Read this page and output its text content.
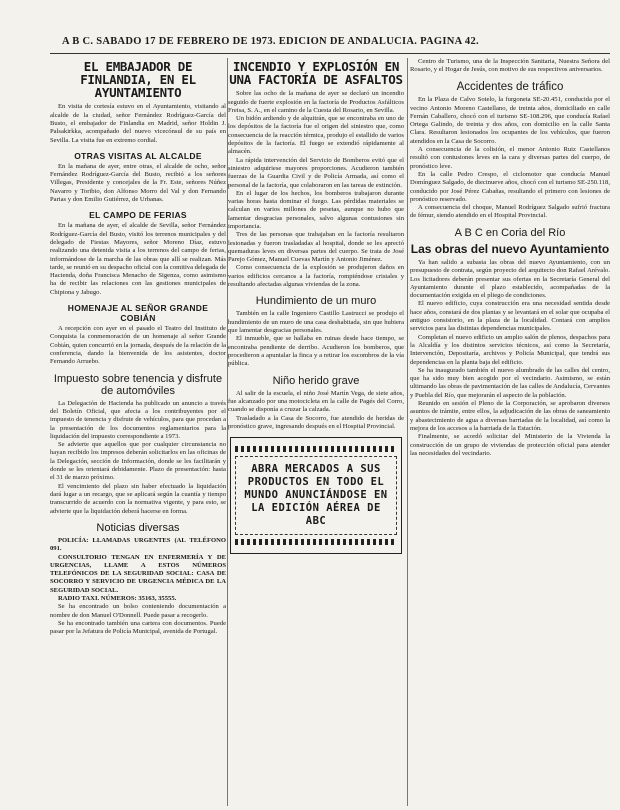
A B C. SABADO 17 DE FEBRERO DE 1973. EDICION DE ANDALUCIA. PAGINA 42.
EL EMBAJADOR DE FINLANDIA, EN EL AYUNTAMIENTO

En visita de cortesía estuvo en el Ayuntamiento, visitando al alcalde de la ciudad, señor Fernández Rodríguez-García del Busto, el embajador de Finlandia en Madrid, señor Holdin J. Palsakirkka, acompañado del nuevo vicecónsul de su país en Sevilla. La visita fue en extremo cordial.

OTRAS VISITAS AL ALCALDE

En la mañana de ayer, entre otras, el alcalde de ocho, señor Fernández Rodríguez-García del Busto, recibió a los señores Villegas, Presidente y concejales de la Fr. Este, señores Núñez Navarro y Toribio, don Alfonso Morro del Val y don Fernando Parias y don Emilio Gutiérrez, de Urbanas.

EL CAMPO DE FERIAS

En la mañana de ayer, el alcalde de Sevilla, señor Fernández Rodríguez-García del Busto, visitó los terrenos municipales y del delegado de Fiestas Mayores, señor Moreno Díaz, estuvo realizando una detenida visita a los terrenos del campo de ferias, informándose de la marcha de las obras que allí se realizan. Más tarde, se reunió en su despacho oficial con la comitiva delegada de Hacienda, doña Francisca Menacho de Sigenza, como asimismo ha de recibir las relaciones con las gestiones municipales de Chipiona y Jabugo.

HOMENAJE AL SEÑOR GRANDE COBIÁN

A recepción con ayer en el pasado el Teatro del Instituto de Conquista la conmemoración de un homenaje al señor Grande Cobián, quien concurrió en la jornada, después de la relación de la conferencia, dando la bienvenida de los asistentes, doctor Fernando Arruebo.

Impuesto sobre tenencia y disfrute de automóviles

La Delegación de Hacienda ha publicado un anuncio a través del Boletín Oficial, que afecta a los contribuyentes por el impuesto de tenencia y disfrute de vehículos, para que procedan a la presentación de los documentos reglamentarios para la liquidación del impuesto correspondiente a 1973.

Se advierte que aquellos que por cualquier circunstancia no hayan recibido los impresos deberán solicitarlos en las oficinas de la Delegación, sección de Información, donde se les facilitarán y donde se les orientará debidamente. Plazo de presentación: hasta el 31 de marzo próximo.

El vencimiento del plazo sin haber efectuado la liquidación dará lugar a un recargo, que se aplicará según la cuantía y tiempo transcurrido de acuerdo con la normativa vigente, y para esto, se advierte que la liquidación deberá hacerse en forma.

Noticias diversas

POLICÍA: LLAMADAS URGENTES (AL TELÉFONO 091.

CONSULTORIO TENGAN EN ENFERMERÍA Y DE URGENCIAS, LLAME A ESTOS NÚMEROS TELEFÓNICOS DE LA SEGURIDAD SOCIAL: CASA DE SOCORRO Y SERVICIO DE URGENCIA MÉDICA DE LA SEGURIDAD SOCIAL.

RADIO TAXI. NÚMEROS: 35163, 35555.

Se ha encontrado un bolso conteniendo documentación a nombre de don Manuel O'Donnell. Puede pasar a recogerlo.

Se ha encontrado también una cartera con documentos. Puede pasar por la Jefatura de Policía Municipal, avenida de Portugal.

INCENDIO Y EXPLOSIÓN EN UNA FACTORÍA DE ASFALTOS

Sobre las ocho de la mañana de ayer se declaró un incendio seguido de fuerte explosión en la factoría de Productos Asfálticos Freisa, S. A., en el camino de la Cuesta del Rosario, en Sevilla.

Un bidón ardiendo y de alquitrán, que se encontraba en uno de los depósitos de la factoría fue el origen del siniestro que, como consecuencia de la reacción térmica, produjo el estallido de varios depósitos de la factoría. El fuego se extendió rápidamente al almacén.

La rápida intervención del Servicio de Bomberos evitó que el siniestro adquiriese mayores proporciones. Acudieron también fuerzas de la Guardia Civil y de Policía Armada, así como el personal de la factoría, que colaboraron en las tareas de extinción.

En el lugar de los hechos, los bomberos trabajaron durante varias horas hasta dominar el fuego. Las pérdidas materiales se calculan en varios millones de pesetas, aunque no hubo que lamentar desgracias personales, salvo algunas contusiones sin importancia.

Tres de las personas que trabajaban en la factoría resultaron lesionadas y fueron trasladadas al hospital, donde se les apreció quemaduras leves en diversas partes del cuerpo. Se trata de José Parejo Gómez, Manuel Cuevas Martín y Antonio Jiménez.

Como consecuencia de la explosión se produjeron daños en varios edificios cercanos a la factoría, rompiéndose cristales y resultando afectadas algunas viviendas de la zona.

Hundimiento de un muro

También en la calle Ingeniero Castillo Lastrucci se produjo el hundimiento de un muro de una casa deshabitada, sin que hubiera que lamentar desgracias personales.

El inmueble, que se hallaba en ruinas desde hace tiempo, se encontraba pendiente de derribo. Acudieron los bomberos, que procedieron a apuntalar la finca y a retirar los escombros de la vía pública.

Niño herido grave

Al salir de la escuela, el niño José Martín Vega, de siete años, fue alcanzado por una motocicleta en la calle de Pagés del Corro, cuando se disponía a cruzar la calzada.

Trasladado a la Casa de Socorro, fue atendido de heridas de pronóstico grave, ingresando después en el Hospital Provincial.

ABRA MERCADOS A SUS PRODUCTOS EN TODO EL MUNDO ANUNCIÁNDOSE EN LA EDICIÓN AÉREA DE ABC

Centro de Turismo, una de la Inspección Sanitaria, Nuestra Señora del Rosario, y el Hogar de Jesús, con motivo de sus respectivos aniversarios.

Accidentes de tráfico

En la Plaza de Calvo Sotelo, la furgoneta SE-20.451, conducida por el vecino Antonio Moreno Castellano, de treinta años, domiciliado en calle Fernán Caballero, chocó con el turismo SE-108.296, que conducía Rafael Ortega Galindo, de treinta y dos años, con domicilio en la calle Santa Clara. Resultaron lesionados los ocupantes de los vehículos, que fueron atendidos en la Casa de Socorro.

A consecuencia de la colisión, el menor Antonio Ruiz Castellanos resultó con contusiones leves en la cara y diversas partes del cuerpo, de pronóstico leve.

En la calle Pedro Crespo, el ciclomotor que conducía Manuel Domínguez Salgado, de diecinueve años, chocó con el turismo SE-250.118, conducido por José Pérez Cabañas, resultando el primero con lesiones de pronóstico reservado.

A consecuencia del choque, Manuel Rodríguez Salgado sufrió fractura de fémur, siendo atendido en el Hospital Provincial.

A B C en Coria del Río
Las obras del nuevo Ayuntamiento

Ya han salido a subasta las obras del nuevo Ayuntamiento, con un presupuesto de contrata, según proyecto del arquitecto don Rafael Arévalo. Los licitadores deberán presentar sus ofertas en la Secretaría General del Ayuntamiento durante el plazo establecido, acompañadas de la documentación exigida en el pliego de condiciones.

El nuevo edificio, cuya construcción era una necesidad sentida desde hace años, constará de dos plantas y se levantará en el solar que ocupaba el antiguo consistorio, en la plaza de la localidad. Contará con amplios servicios para las distintas dependencias municipales.

Completan el nuevo edificio un amplio salón de plenos, despachos para la Alcaldía y los distintos servicios técnicos, así como la Secretaría, Intervención, Depositaría, archivos y Policía Municipal, que tendrá sus dependencias en la planta baja del edificio.

Se ha inaugurado también el nuevo alumbrado de las calles del centro, que ha sido muy bien acogido por el vecindario. Asimismo, se están ultimando las obras de pavimentación de las calles de Andalucía, Cervantes y Puebla del Río, que mejorarán el aspecto de la población.

Reunido en sesión el Pleno de la Corporación, se aprobaron diversos asuntos de trámite, entre ellos, la adjudicación de las obras de saneamiento y abastecimiento de agua a diversas barriadas de la localidad, así como la mejora de los accesos a la barriada de la Estación.

Finalmente, se acordó solicitar del Ministerio de la Vivienda la construcción de un grupo de viviendas de protección oficial para atender las necesidades del vecindario.
